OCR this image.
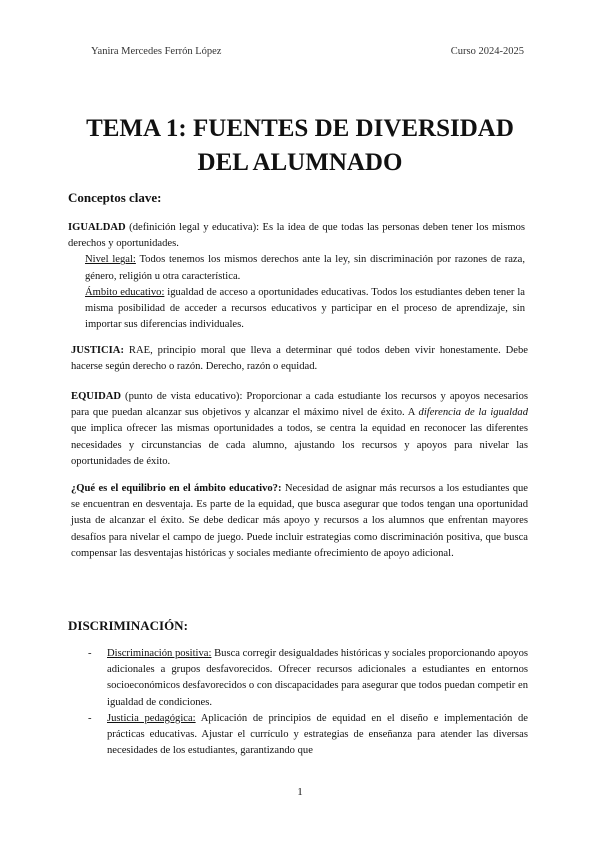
Yanira Mercedes Ferrón López	Curso 2024-2025
TEMA 1: FUENTES DE DIVERSIDAD DEL ALUMNADO
Conceptos clave:
IGUALDAD (definición legal y educativa): Es la idea de que todas las personas deben tener los mismos derechos y oportunidades.
Nivel legal: Todos tenemos los mismos derechos ante la ley, sin discriminación por razones de raza, género, religión u otra característica.
Ámbito educativo: igualdad de acceso a oportunidades educativas. Todos los estudiantes deben tener la misma posibilidad de acceder a recursos educativos y participar en el proceso de aprendizaje, sin importar sus diferencias individuales.
JUSTICIA: RAE, principio moral que lleva a determinar qué todos deben vivir honestamente. Debe hacerse según derecho o razón. Derecho, razón o equidad.
EQUIDAD (punto de vista educativo): Proporcionar a cada estudiante los recursos y apoyos necesarios para que puedan alcanzar sus objetivos y alcanzar el máximo nivel de éxito. A diferencia de la igualdad que implica ofrecer las mismas oportunidades a todos, se centra la equidad en reconocer las diferentes necesidades y circunstancias de cada alumno, ajustando los recursos y apoyos para nivelar las oportunidades de éxito.
¿Qué es el equilibrio en el ámbito educativo?: Necesidad de asignar más recursos a los estudiantes que se encuentran en desventaja. Es parte de la equidad, que busca asegurar que todos tengan una oportunidad justa de alcanzar el éxito. Se debe dedicar más apoyo y recursos a los alumnos que enfrentan mayores desafíos para nivelar el campo de juego. Puede incluir estrategias como discriminación positiva, que busca compensar las desventajas históricas y sociales mediante ofrecimiento de apoyo adicional.
DISCRIMINACIÓN:
- Discriminación positiva: Busca corregir desigualdades históricas y sociales proporcionando apoyos adicionales a grupos desfavorecidos. Ofrecer recursos adicionales a estudiantes en entornos socioeconómicos desfavorecidos o con discapacidades para asegurar que todos puedan competir en igualdad de condiciones.
- Justicia pedagógica: Aplicación de principios de equidad en el diseño e implementación de prácticas educativas. Ajustar el currículo y estrategias de enseñanza para atender las diversas necesidades de los estudiantes, garantizando que
1
